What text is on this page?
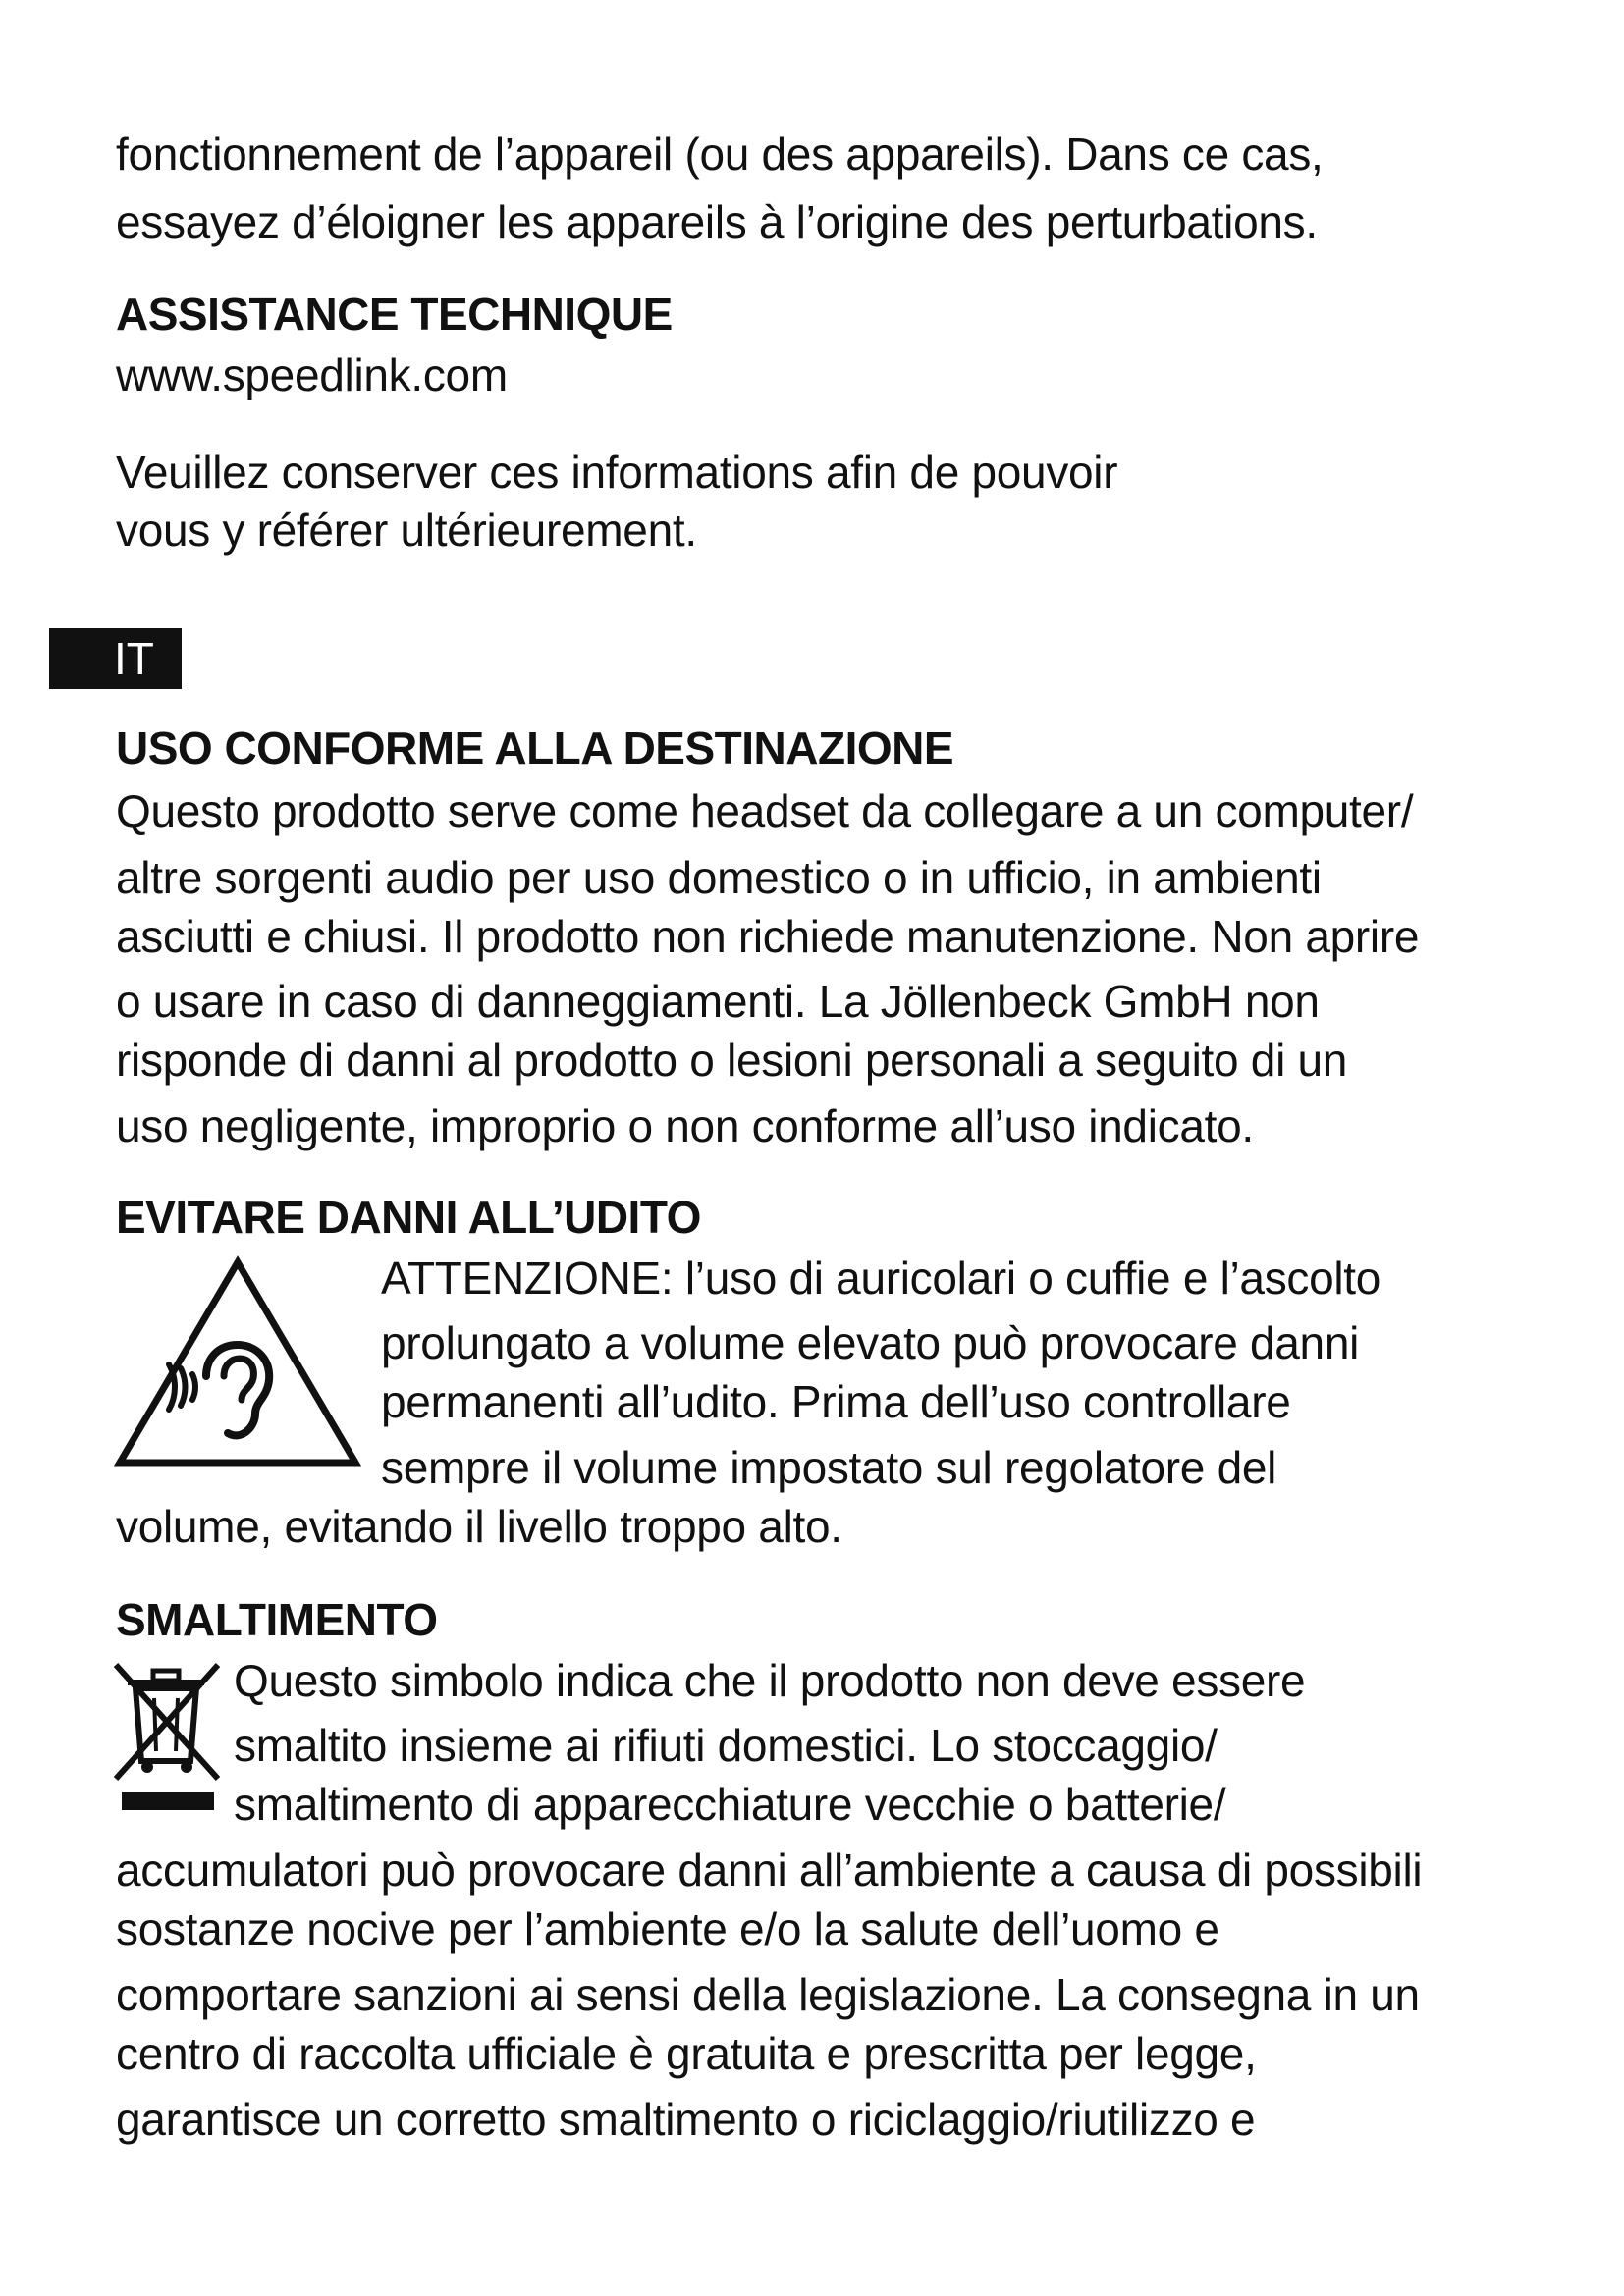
fonctionnement de l’appareil (ou des appareils). Dans ce cas,
essayez d’éloigner les appareils à l’origine des perturbations.
ASSISTANCE TECHNIQUE
www.speedlink.com
Veuillez conserver ces informations afin de pouvoir
vous y référer ultérieurement.
IT
USO CONFORME ALLA DESTINAZIONE
Questo prodotto serve come headset da collegare a un computer/
altre sorgenti audio per uso domestico o in ufficio, in ambienti
asciutti e chiusi. Il prodotto non richiede manutenzione. Non aprire
o usare in caso di danneggiamenti. La Jöllenbeck GmbH non
risponde di danni al prodotto o lesioni personali a seguito di un
uso negligente, improprio o non conforme all’uso indicato.
EVITARE DANNI ALL’UDITO
ATTENZIONE: l’uso di auricolari o cuffie e l’ascolto
prolungato a volume elevato può provocare danni
permanenti all’udito. Prima dell’uso controllare
sempre il volume impostato sul regolatore del
volume, evitando il livello troppo alto.
SMALTIMENTO
Questo simbolo indica che il prodotto non deve essere
smaltito insieme ai rifiuti domestici. Lo stoccaggio/
smaltimento di apparecchiature vecchie o batterie/
accumulatori può provocare danni all’ambiente a causa di possibili
sostanze nocive per l’ambiente e/o la salute dell’uomo e
comportare sanzioni ai sensi della legislazione. La consegna in un
centro di raccolta ufficiale è gratuita e prescritta per legge,
garantisce un corretto smaltimento o riciclaggio/riutilizzo e
